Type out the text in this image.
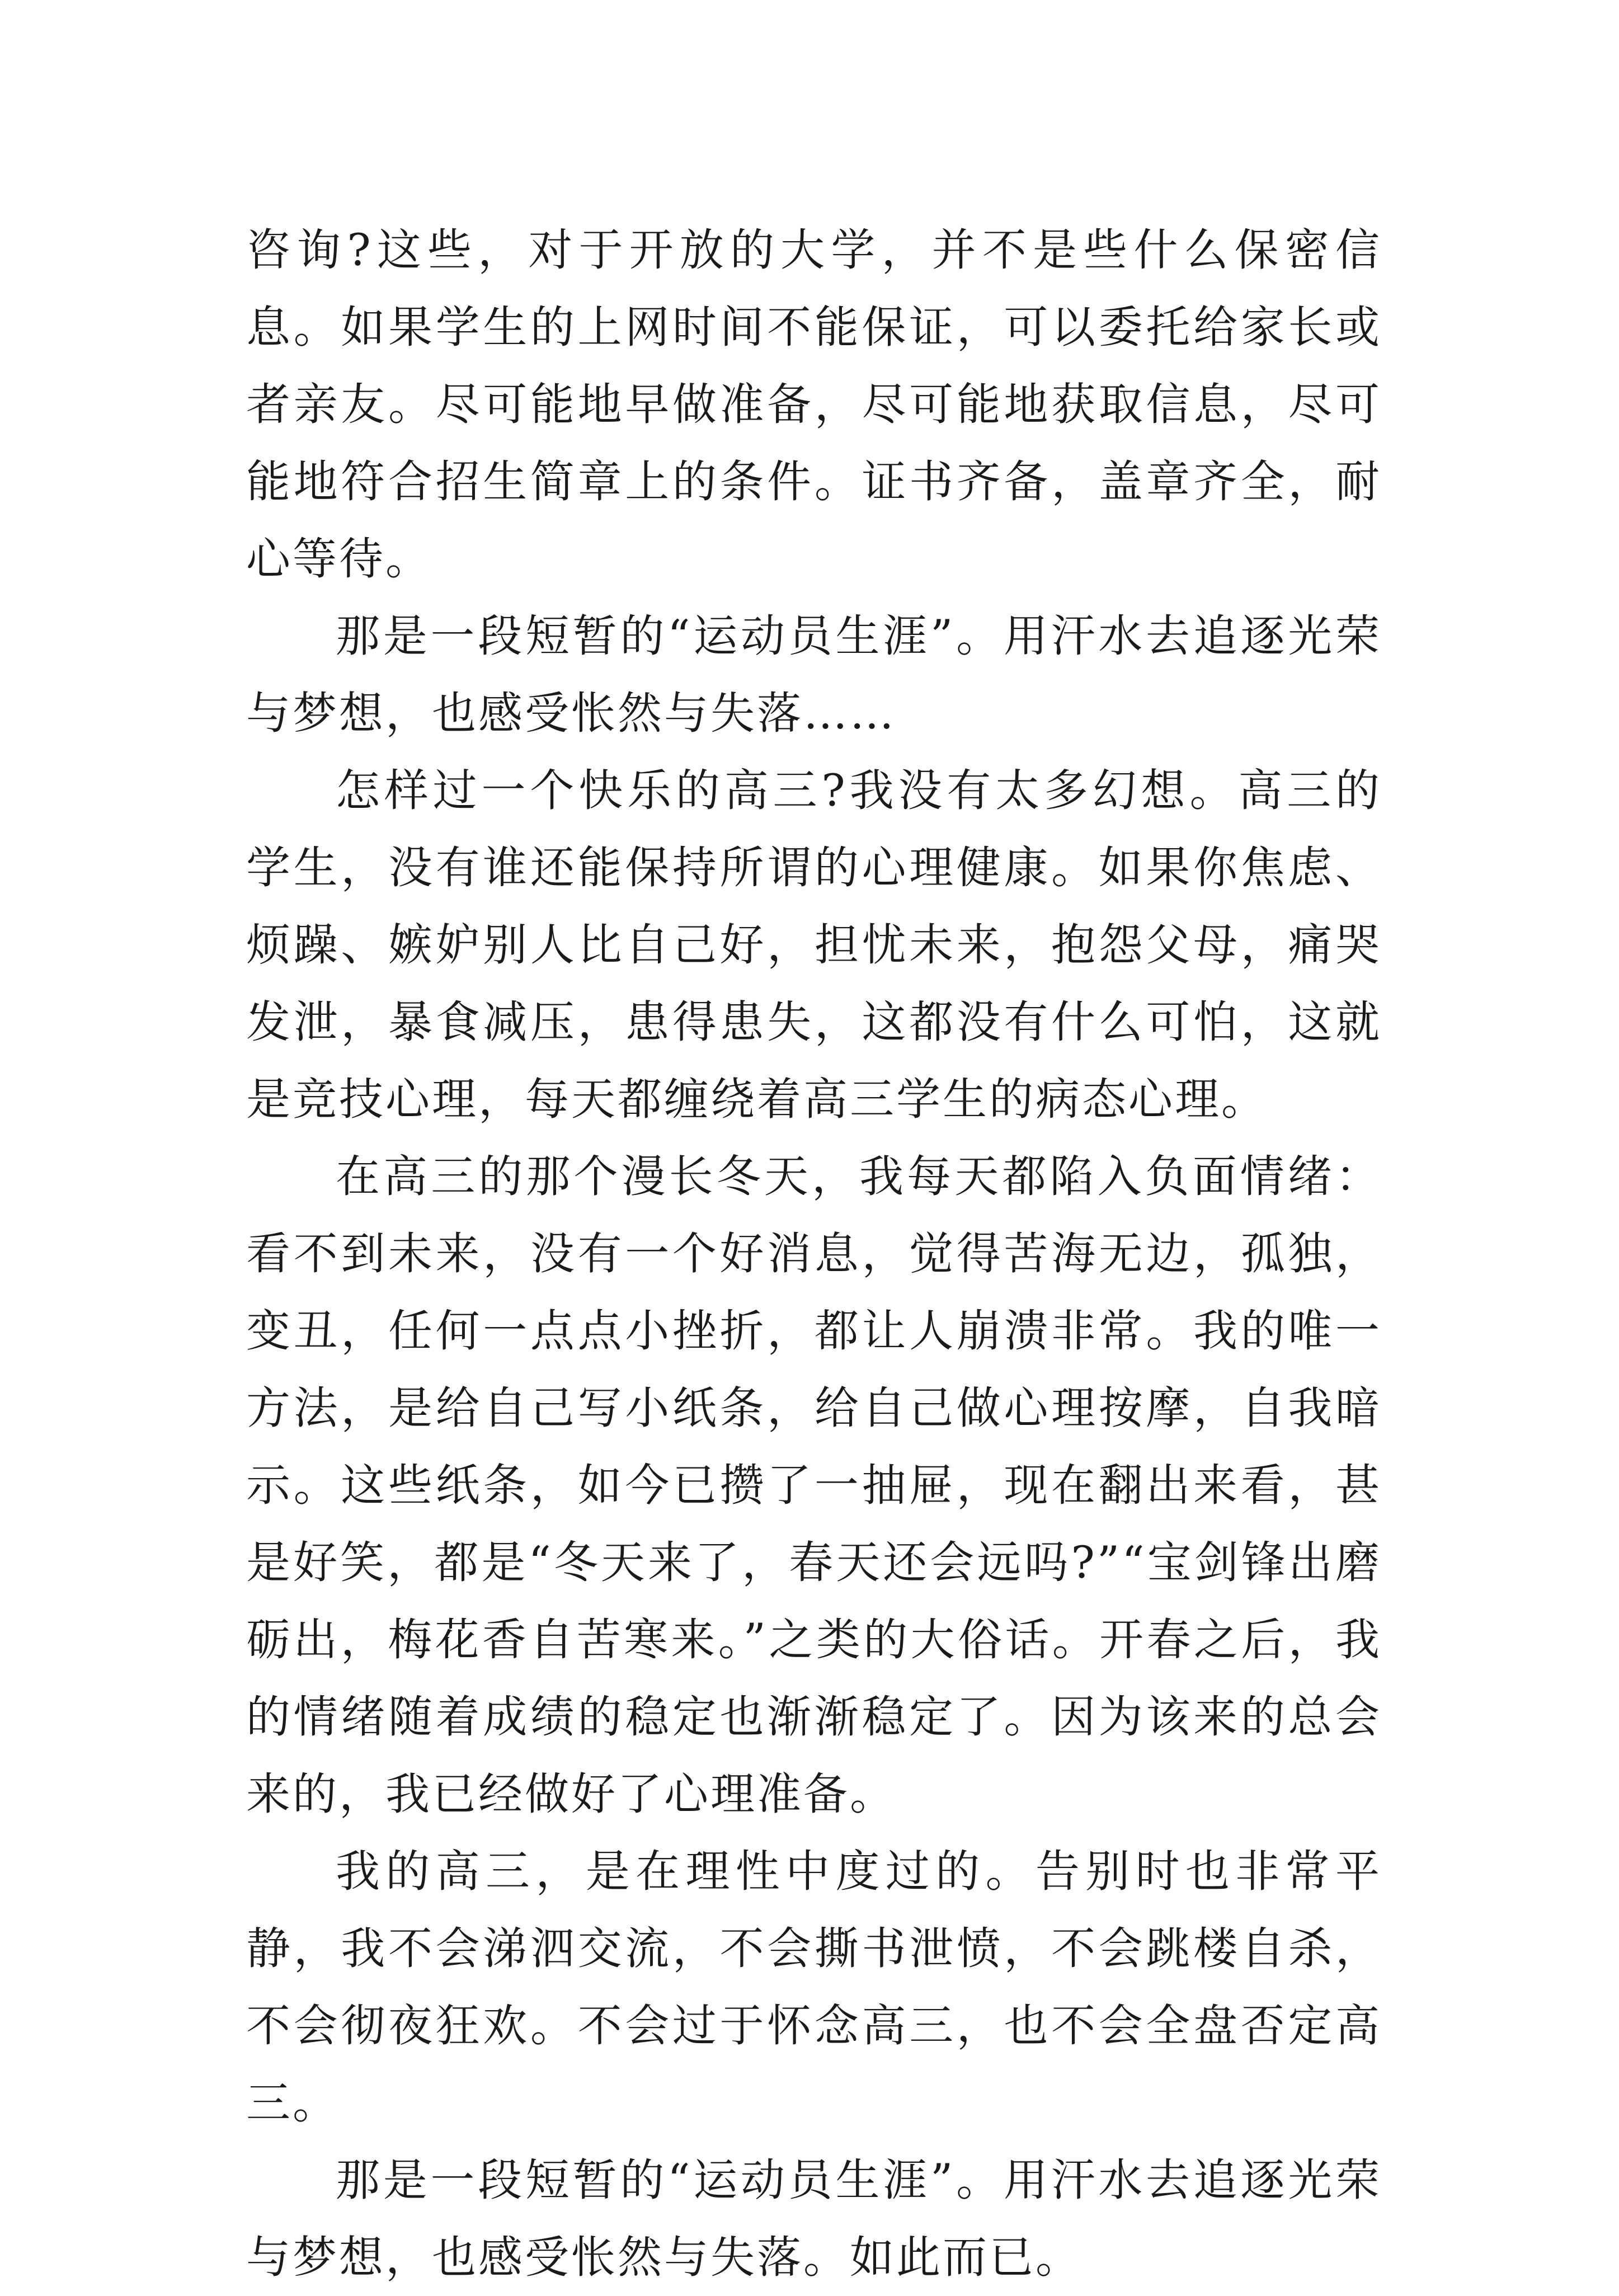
咨询?这些，对于开放的大学，并不是些什么保密信息。如果学生的上网时间不能保证，可以委托给家长或者亲友。尽可能地早做准备，尽可能地获取信息，尽可能地符合招生简章上的条件。证书齐备，盖章齐全，耐心等待。

那是一段短暂的“运动员生涯”。用汗水去追逐光荣与梦想，也感受怅然与失落……

怎样过一个快乐的高三?我没有太多幻想。高三的学生，没有谁还能保持所谓的心理健康。如果你焦虑、烦躁、嫉妒别人比自己好，担忧未来，抱怨父母，痛哭发泄，暴食减压，患得患失，这都没有什么可怕，这就是竞技心理，每天都缠绕着高三学生的病态心理。

在高三的那个漫长冬天，我每天都陷入负面情绪：看不到未来，没有一个好消息，觉得苦海无边，孤独，变丑，任何一点点小挫折，都让人崩溃非常。我的唯一方法，是给自己写小纸条，给自己做心理按摩，自我暗示。这些纸条，如今已攒了一抽屉，现在翻出来看，甚是好笑，都是“冬天来了，春天还会远吗?”“宝剑锋出磨砺出，梅花香自苦寒来。”之类的大俗话。开春之后，我的情绪随着成绩的稳定也渐渐稳定了。因为该来的总会来的，我已经做好了心理准备。

我的高三，是在理性中度过的。告别时也非常平静，我不会涕泗交流，不会撕书泄愤，不会跳楼自杀，不会彻夜狂欢。不会过于怀念高三，也不会全盘否定高三。

那是一段短暂的“运动员生涯”。用汗水去追逐光荣与梦想，也感受怅然与失落。如此而已。
